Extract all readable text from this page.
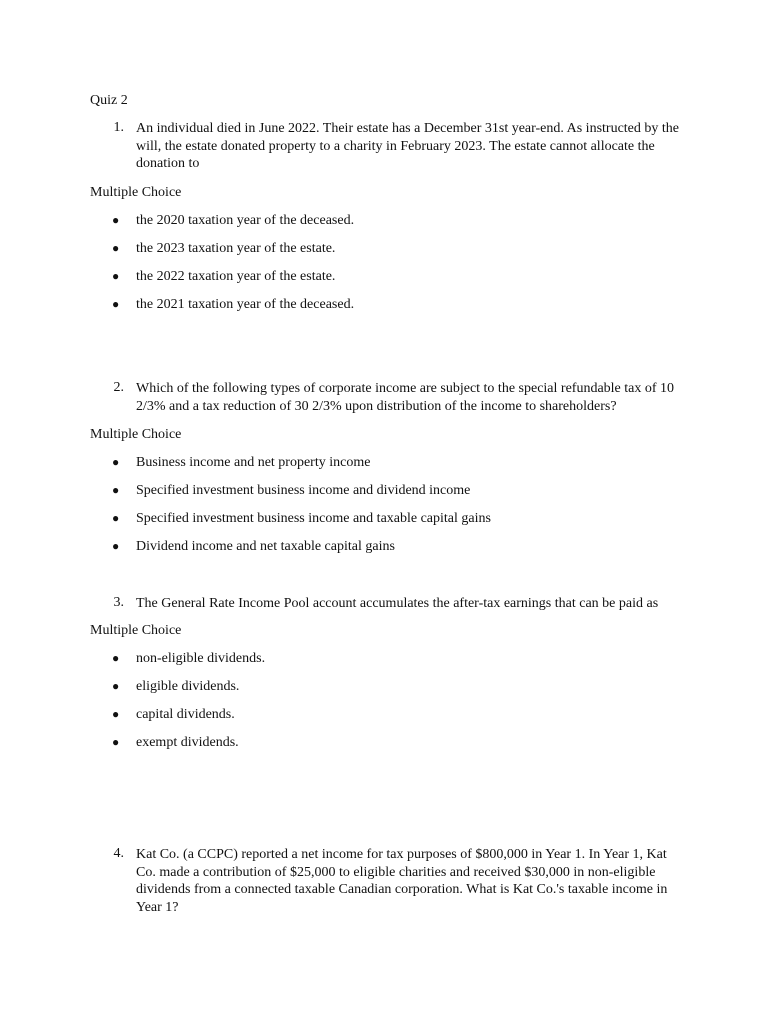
Quiz 2
1. An individual died in June 2022. Their estate has a December 31st year-end. As instructed by the
will, the estate donated property to a charity in February 2023. The estate cannot allocate the
donation to
Multiple Choice
●	the 2020 taxation year of the deceased.
●	the 2023 taxation year of the estate.
●	the 2022 taxation year of the estate.
●	the 2021 taxation year of the deceased.
2. Which of the following types of corporate income are subject to the special refundable tax of 10
2/3% and a tax reduction of 30 2/3% upon distribution of the income to shareholders?
Multiple Choice
●	Business income and net property income
●	Specified investment business income and dividend income
●	Specified investment business income and taxable capital gains
●	Dividend income and net taxable capital gains
3. The General Rate Income Pool account accumulates the after-tax earnings that can be paid as
Multiple Choice
●	non-eligible dividends.
●	eligible dividends.
●	capital dividends.
●	exempt dividends.
4. Kat Co. (a CCPC) reported a net income for tax purposes of $800,000 in Year 1. In Year 1, Kat
Co. made a contribution of $25,000 to eligible charities and received $30,000 in non-eligible
dividends from a connected taxable Canadian corporation. What is Kat Co.'s taxable income in
Year 1?
